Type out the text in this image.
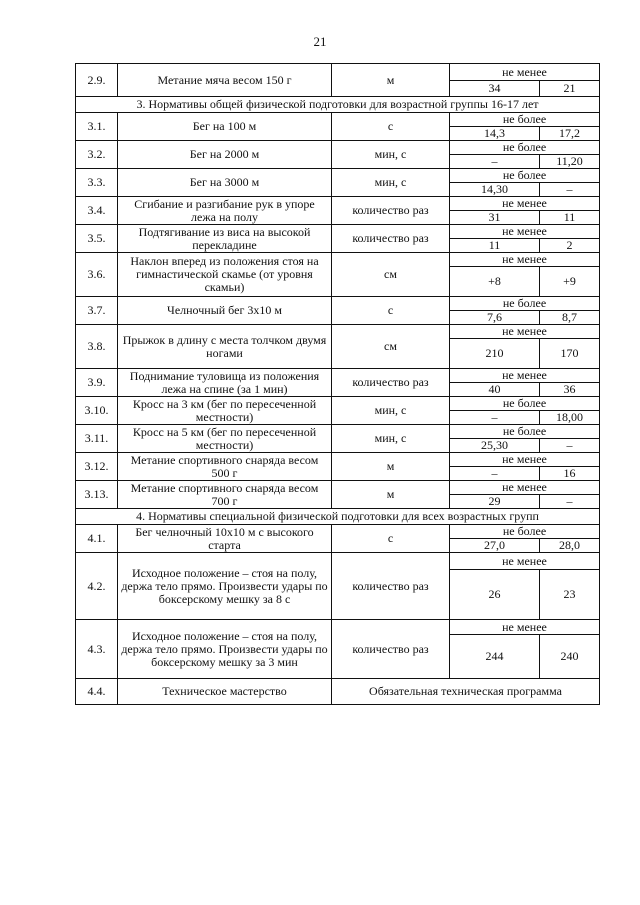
21
2.9.	Метание мяча весом 150 г	м	не менее	
			34	21
3. Нормативы общей физической подготовки для возрастной группы 16-17 лет				
3.1.	Бег на 100 м	с	не более	
			14,3	17,2
3.2.	Бег на 2000 м	мин, с	не более	
			–	11,20
3.3.	Бег на 3000 м	мин, с	не более	
			14,30	–
3.4.	Сгибание и разгибание рук в упоре лежа на полу	количество раз	не менее	
			31	11
3.5.	Подтягивание из виса на высокой перекладине	количество раз	не менее	
			11	2
3.6.	Наклон вперед из положения стоя на гимнастической скамье (от уровня скамьи)	см	не менее	
			+8	+9
3.7.	Челночный бег 3х10 м	с	не более	
			7,6	8,7
3.8.	Прыжок в длину с места толчком двумя ногами	см	не менее	
			210	170
3.9.	Поднимание туловища из положения лежа на спине (за 1 мин)	количество раз	не менее	
			40	36
3.10.	Кросс на 3 км (бег по пересеченной местности)	мин, с	не более	
			–	18,00
3.11.	Кросс на 5 км (бег по пересеченной местности)	мин, с	не более	
			25,30	–
3.12.	Метание спортивного снаряда весом 500 г	м	не менее	
			–	16
3.13.	Метание спортивного снаряда весом 700 г	м	не менее	
			29	–
4. Нормативы специальной физической подготовки для всех возрастных групп				
4.1.	Бег челночный 10х10 м с высокого старта	с	не более	
			27,0	28,0
4.2.	Исходное положение – стоя на полу, держа тело прямо. Произвести удары по боксерскому мешку за 8 с	количество раз	не менее	
			26	23
4.3.	Исходное положение – стоя на полу, держа тело прямо. Произвести удары по боксерскому мешку за 3 мин	количество раз	не менее	
			244	240
4.4.	Техническое мастерство	Обязательная техническая программа		
